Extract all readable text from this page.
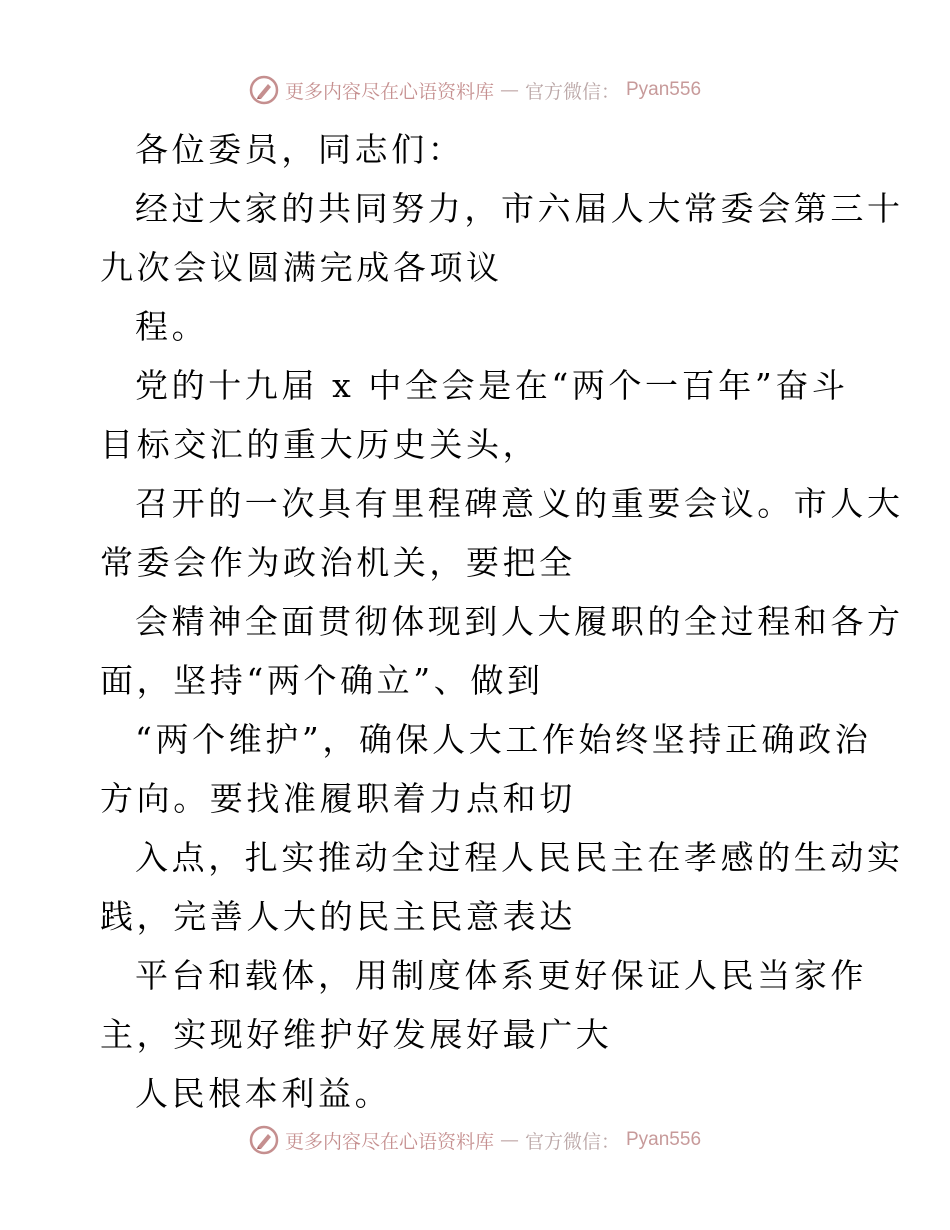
更多内容尽在心语资料库 — 官方微信： Pyan556
各位委员，同志们：
经过大家的共同努力，市六届人大常委会第三十
九次会议圆满完成各项议
程。
党的十九届 x 中全会是在“两个一百年”奋斗
目标交汇的重大历史关头，
召开的一次具有里程碑意义的重要会议。市人大
常委会作为政治机关，要把全
会精神全面贯彻体现到人大履职的全过程和各方
面，坚持“两个确立”、做到
“两个维护”，确保人大工作始终坚持正确政治
方向。要找准履职着力点和切
入点，扎实推动全过程人民民主在孝感的生动实
践，完善人大的民主民意表达
平台和载体，用制度体系更好保证人民当家作
主，实现好维护好发展好最广大
人民根本利益。
更多内容尽在心语资料库 — 官方微信： Pyan556
